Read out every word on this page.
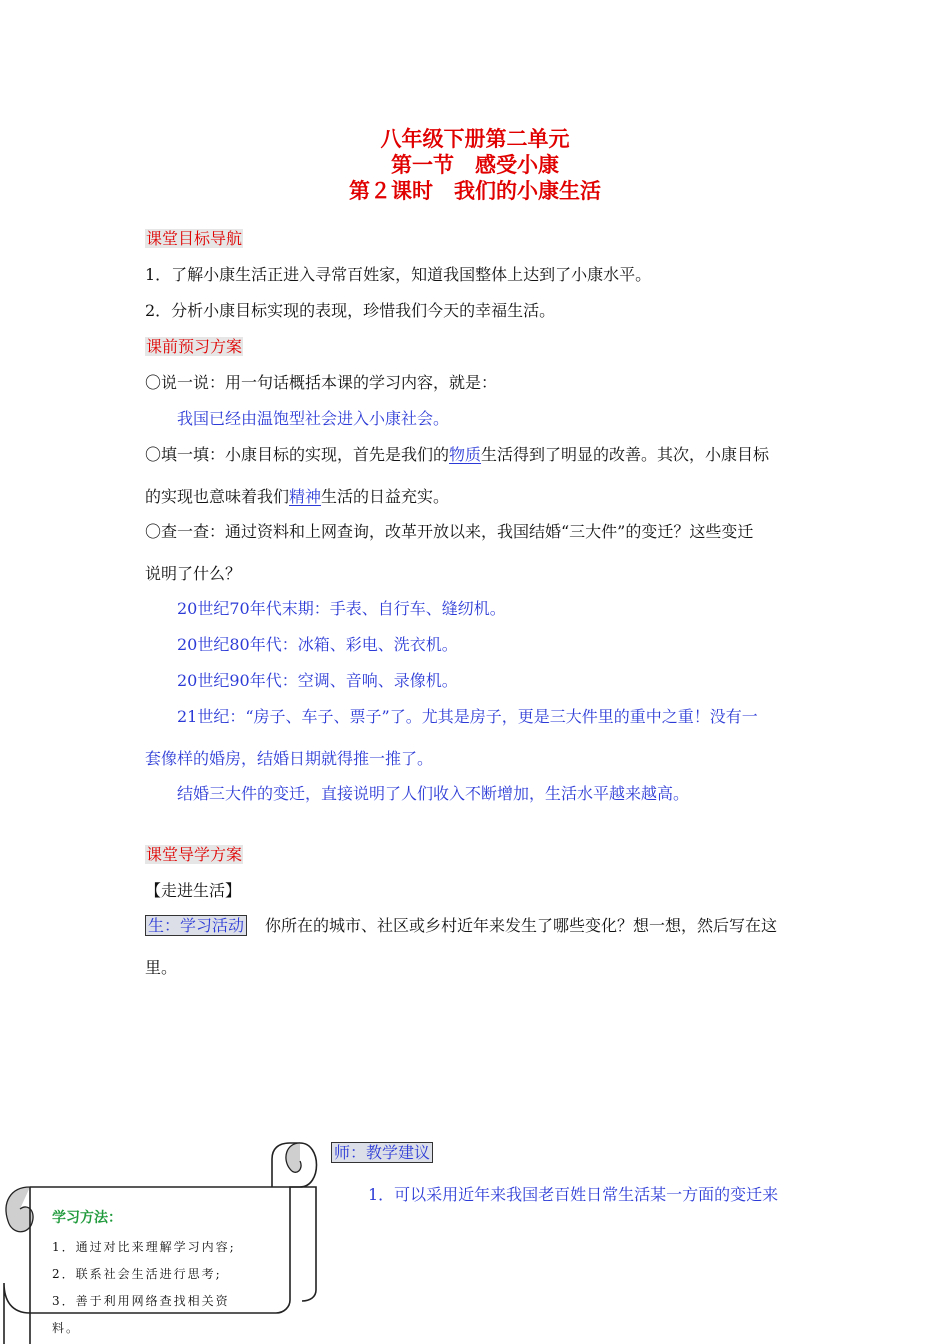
八年级下册第二单元
第一节　感受小康
第２课时　我们的小康生活
课堂目标导航
1．了解小康生活正进入寻常百姓家，知道我国整体上达到了小康水平。
2．分析小康目标实现的表现，珍惜我们今天的幸福生活。
课前预习方案
〇说一说：用一句话概括本课的学习内容，就是：
我国已经由温饱型社会进入小康社会。
〇填一填：小康目标的实现，首先是我们的物质生活得到了明显的改善。其次，小康目标
的实现也意味着我们精神生活的日益充实。
〇查一查：通过资料和上网查询，改革开放以来，我国结婚“三大件”的变迁？这些变迁
说明了什么？
20世纪70年代末期：手表、自行车、缝纫机。
20世纪80年代：冰箱、彩电、洗衣机。
20世纪90年代：空调、音响、录像机。
21世纪：“房子、车子、票子”了。尤其是房子，更是三大件里的重中之重！没有一
套像样的婚房，结婚日期就得推一推了。
结婚三大件的变迁，直接说明了人们收入不断增加，生活水平越来越高。
课堂导学方案
【走进生活】
生：学习活动 你所在的城市、社区或乡村近年来发生了哪些变化？想一想，然后写在这
里。
师：教学建议
1．可以采用近年来我国老百姓日常生活某一方面的变迁来
学习方法：
1．通过对比来理解学习内容;
2．联系社会生活进行思考;
3．善于利用网络查找相关资
料。
